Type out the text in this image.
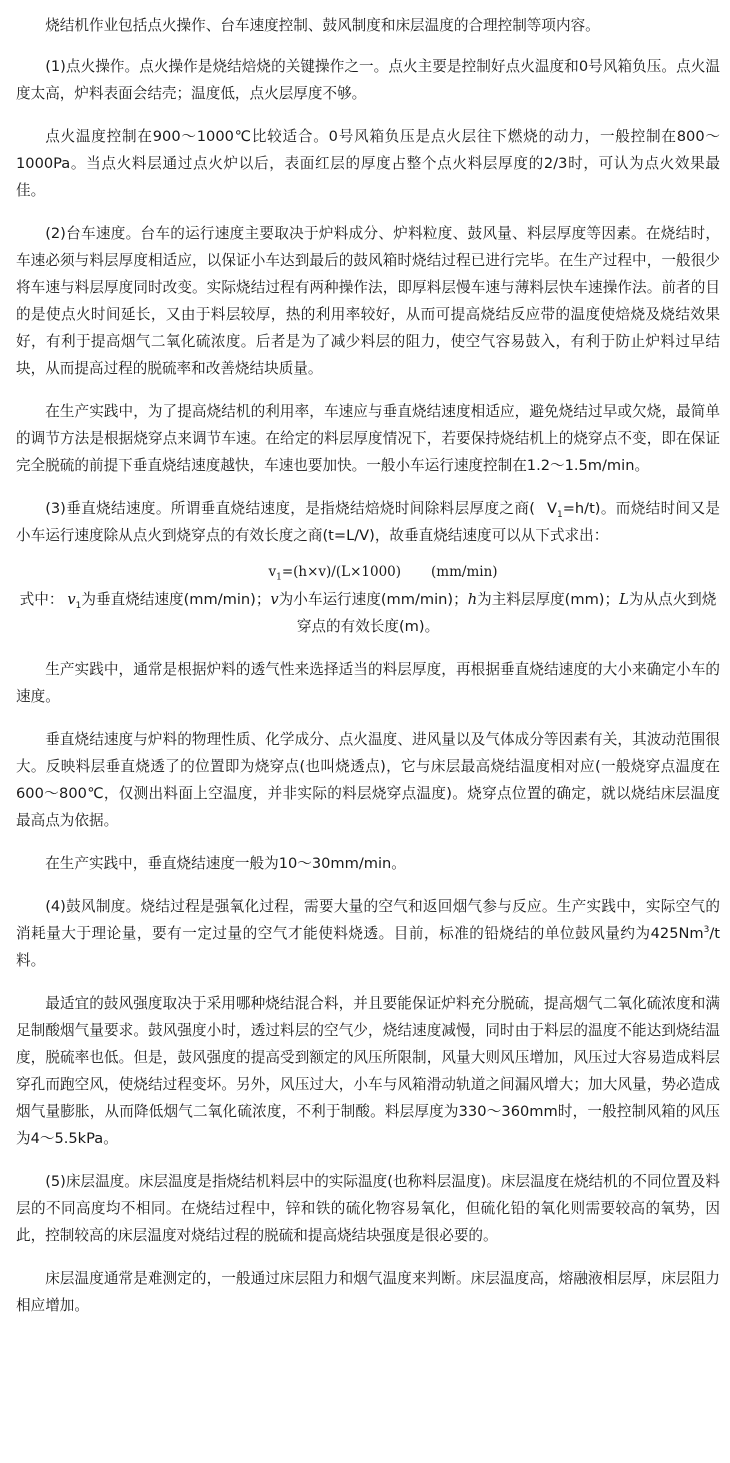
烧结机作业包括点火操作、台车速度控制、鼓风制度和床层温度的合理控制等项内容。

(1)点火操作。点火操作是烧结焙烧的关键操作之一。点火主要是控制好点火温度和0号风箱负压。点火温度太高，炉料表面会结壳；温度低，点火层厚度不够。

点火温度控制在900～1000℃比较适合。0号风箱负压是点火层往下燃烧的动力，一般控制在800～1000Pa。当点火料层通过点火炉以后，表面红层的厚度占整个点火料层厚度的2/3时，可认为点火效果最佳。

(2)台车速度。台车的运行速度主要取决于炉料成分、炉料粒度、鼓风量、料层厚度等因素。在烧结时，车速必须与料层厚度相适应，以保证小车达到最后的鼓风箱时烧结过程已进行完毕。在生产过程中，一般很少将车速与料层厚度同时改变。实际烧结过程有两种操作法，即厚料层慢车速与薄料层快车速操作法。前者的目的是使点火时间延长，又由于料层较厚，热的利用率较好，从而可提高烧结反应带的温度使焙烧及烧结效果好，有利于提高烟气二氧化硫浓度。后者是为了减少料层的阻力，使空气容易鼓入，有利于防止炉料过早结块，从而提高过程的脱硫率和改善烧结块质量。

在生产实践中，为了提高烧结机的利用率，车速应与垂直烧结速度相适应，避免烧结过早或欠烧，最简单的调节方法是根据烧穿点来调节车速。在给定的料层厚度情况下，若要保持烧结机上的烧穿点不变，即在保证完全脱硫的前提下垂直烧结速度越快，车速也要加快。一般小车运行速度控制在1.2～1.5m/min。

(3)垂直烧结速度。所谓垂直烧结速度，是指烧结焙烧时间除料层厚度之商( $V_1=h/t$)。而烧结时间又是小车运行速度除从点火到烧穿点的有效长度之商(t=L/V)，故垂直烧结速度可以从下式求出：

$v_1=(h\times v)/(L\times 1000)$ (mm/min)

式中： $v_1$为垂直烧结速度(mm/min)；v为小车运行速度(mm/min)；h为主料层厚度(mm)；L为从点火到烧穿点的有效长度(m)。

生产实践中，通常是根据炉料的透气性来选择适当的料层厚度，再根据垂直烧结速度的大小来确定小车的速度。

垂直烧结速度与炉料的物理性质、化学成分、点火温度、进风量以及气体成分等因素有关，其波动范围很大。反映料层垂直烧透了的位置即为烧穿点(也叫烧透点)，它与床层最高烧结温度相对应(一般烧穿点温度在600～800℃，仅测出料面上空温度，并非实际的料层烧穿点温度)。烧穿点位置的确定，就以烧结床层温度最高点为依据。

在生产实践中，垂直烧结速度一般为10～30mm/min。

(4)鼓风制度。烧结过程是强氧化过程，需要大量的空气和返回烟气参与反应。生产实践中，实际空气的消耗量大于理论量，要有一定过量的空气才能使料烧透。目前，标准的铅烧结的单位鼓风量约为425Nm$^3$/t料。

最适宜的鼓风强度取决于采用哪种烧结混合料，并且要能保证炉料充分脱硫，提高烟气二氧化硫浓度和满足制酸烟气量要求。鼓风强度小时，透过料层的空气少，烧结速度减慢，同时由于料层的温度不能达到烧结温度，脱硫率也低。但是，鼓风强度的提高受到额定的风压所限制，风量大则风压增加，风压过大容易造成料层穿孔而跑空风，使烧结过程变坏。另外，风压过大，小车与风箱滑动轨道之间漏风增大；加大风量，势必造成烟气量膨胀，从而降低烟气二氧化硫浓度，不利于制酸。料层厚度为330～360mm时，一般控制风箱的风压为4～5.5kPa。

(5)床层温度。床层温度是指烧结机料层中的实际温度(也称料层温度)。床层温度在烧结机的不同位置及料层的不同高度均不相同。在烧结过程中，锌和铁的硫化物容易氧化，但硫化铅的氧化则需要较高的氧势，因此，控制较高的床层温度对烧结过程的脱硫和提高烧结块强度是很必要的。

床层温度通常是难测定的，一般通过床层阻力和烟气温度来判断。床层温度高，熔融液相层厚，床层阻力相应增加。
